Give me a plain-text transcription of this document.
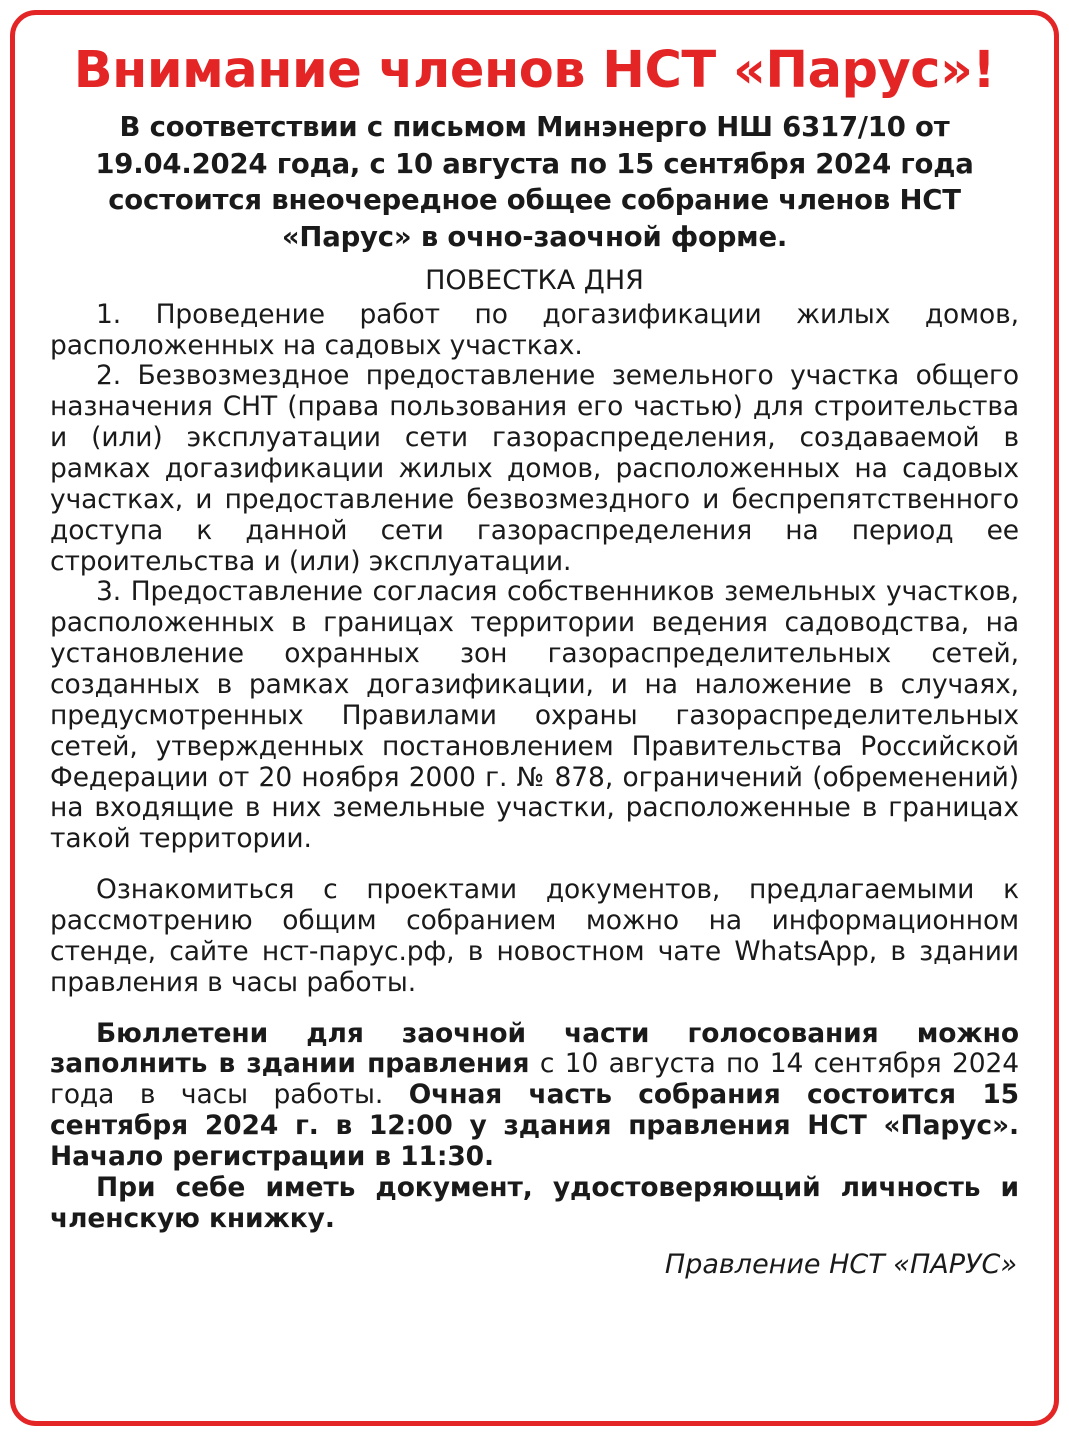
Внимание членов НСТ «Парус»!
В соответствии с письмом Минэнерго НШ 6317/10 от 19.04.2024 года, с 10 августа по 15 сентября 2024 года состоится внеочередное общее собрание членов НСТ «Парус» в очно-заочной форме.
ПОВЕСТКА ДНЯ

1. Проведение работ по догазификации жилых домов, расположенных на садовых участках.

2. Безвозмездное предоставление земельного участка общего назначения СНТ (права пользования его частью) для строительства и (или) эксплуатации сети газораспределения, создаваемой в рамках догазификации жилых домов, расположенных на садовых участках, и предоставление безвозмездного и беспрепятственного доступа к данной сети газораспределения на период ее строительства и (или) эксплуатации.

3. Предоставление согласия собственников земельных участков, расположенных в границах территории ведения садоводства, на установление охранных зон газораспределительных сетей, созданных в рамках догазификации, и на наложение в случаях, предусмотренных Правилами охраны газораспределительных сетей, утвержденных постановлением Правительства Российской Федерации от 20 ноября 2000 г. № 878, ограничений (обременений) на входящие в них земельные участки, расположенные в границах такой территории.

Ознакомиться с проектами документов, предлагаемыми к рассмотрению общим собранием можно на информационном стенде, сайте нст-парус.рф, в новостном чате WhatsApp, в здании правления в часы работы.

Бюллетени для заочной части голосования можно заполнить в здании правления с 10 августа по 14 сентября 2024 года в часы работы. Очная часть собрания состоится 15 сентября 2024 г. в 12:00 у здания правления НСТ «Парус». Начало регистрации в 11:30.

При себе иметь документ, удостоверяющий личность и членскую книжку.

Правление НСТ «ПАРУС»
